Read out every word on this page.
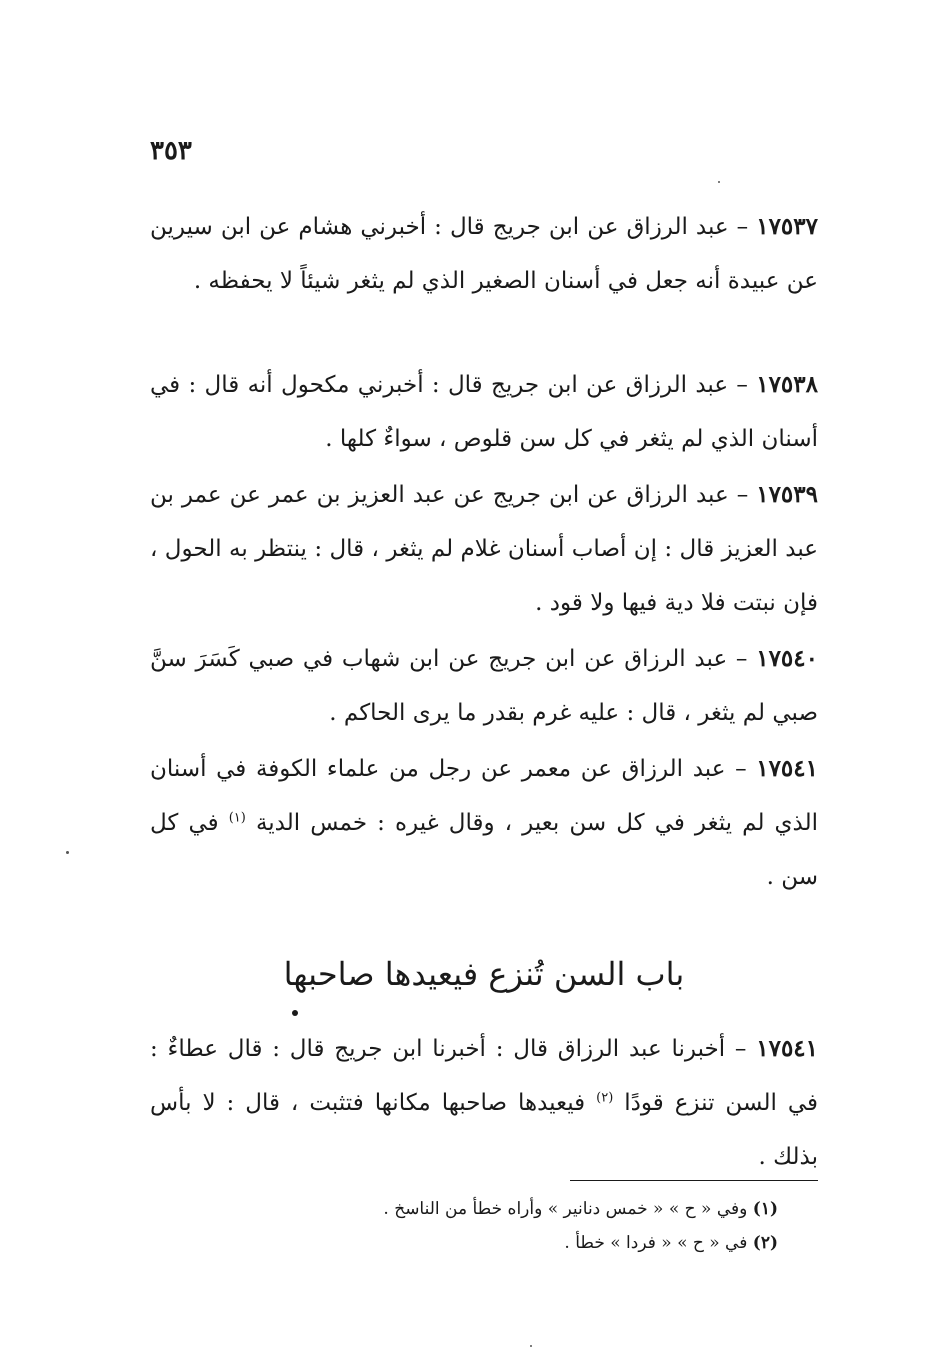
٣٥٣
١٧٥٣٧ – عبد الرزاق عن ابن جريج قال : أخبرني هشام عن ابن سيرين عن عبيدة أنه جعل في أسنان الصغير الذي لم يثغر شيئاً لا يحفظه .
١٧٥٣٨ – عبد الرزاق عن ابن جريج قال : أخبرني مكحول أنه قال : في أسنان الذي لم يثغر في كل سن قلوص ، سواءٌ كلها .
١٧٥٣٩ – عبد الرزاق عن ابن جريج عن عبد العزيز بن عمر عن عمر بن عبد العزيز قال : إن أصاب أسنان غلام لم يثغر ، قال : ينتظر به الحول ، فإن نبتت فلا دية فيها ولا قود .
١٧٥٤٠ – عبد الرزاق عن ابن جريج عن ابن شهاب في صبي كَسَرَ سنَّ صبي لم يثغر ، قال : عليه غرم بقدر ما يرى الحاكم .
١٧٥٤١ – عبد الرزاق عن معمر عن رجل من علماء الكوفة في أسنان الذي لم يثغر في كل سن بعير ، وقال غيره : خمس الدية $^{(١)}$ في كل سن .
باب السن تُنزع فيعيدها صاحبها
١٧٥٤١ – أخبرنا عبد الرزاق قال : أخبرنا ابن جريج قال : قال عطاءٌ : في السن تنزع قودًا $^{(٢)}$ فيعيدها صاحبها مكانها فتثبت ، قال : لا بأس بذلك .
(١) وفي « ح » « خمس دنانير » وأراه خطأ من الناسخ .
(٢) في « ح » « فردا » خطأ .
